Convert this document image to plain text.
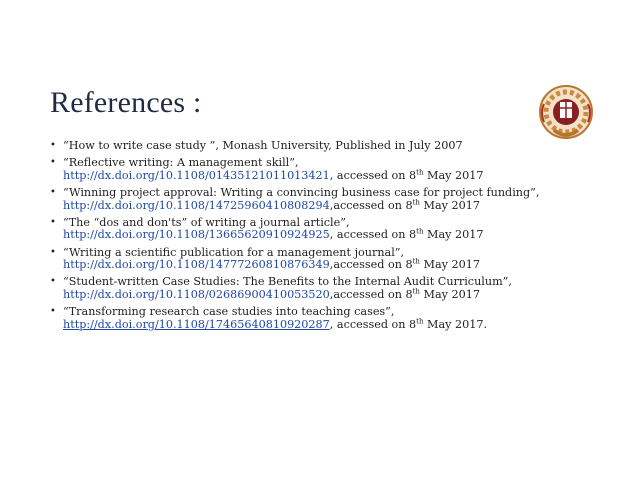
References :
• “How to write case study ”, Monash University, Published in July 2007
• “Reflective writing: A management skill”,
http://dx.doi.org/10.1108/01435121011013421, accessed on 8th May 2017
• “Winning project approval: Writing a convincing business case for project funding”, http://dx.doi.org/10.1108/14725960410808294,accessed on 8th May 2017
• “The “dos and don'ts” of writing a journal article”,
http://dx.doi.org/10.1108/13665620910924925, accessed on 8th May 2017
• “Writing a scientific publication for a management journal”,
http://dx.doi.org/10.1108/14777260810876349,accessed on 8th May 2017
• “Student-written Case Studies: The Benefits to the Internal Audit Curriculum”, http://dx.doi.org/10.1108/02686900410053520,accessed on 8th May 2017
• “Transforming research case studies into teaching cases”,
http://dx.doi.org/10.1108/17465640810920287, accessed on 8th May 2017.
